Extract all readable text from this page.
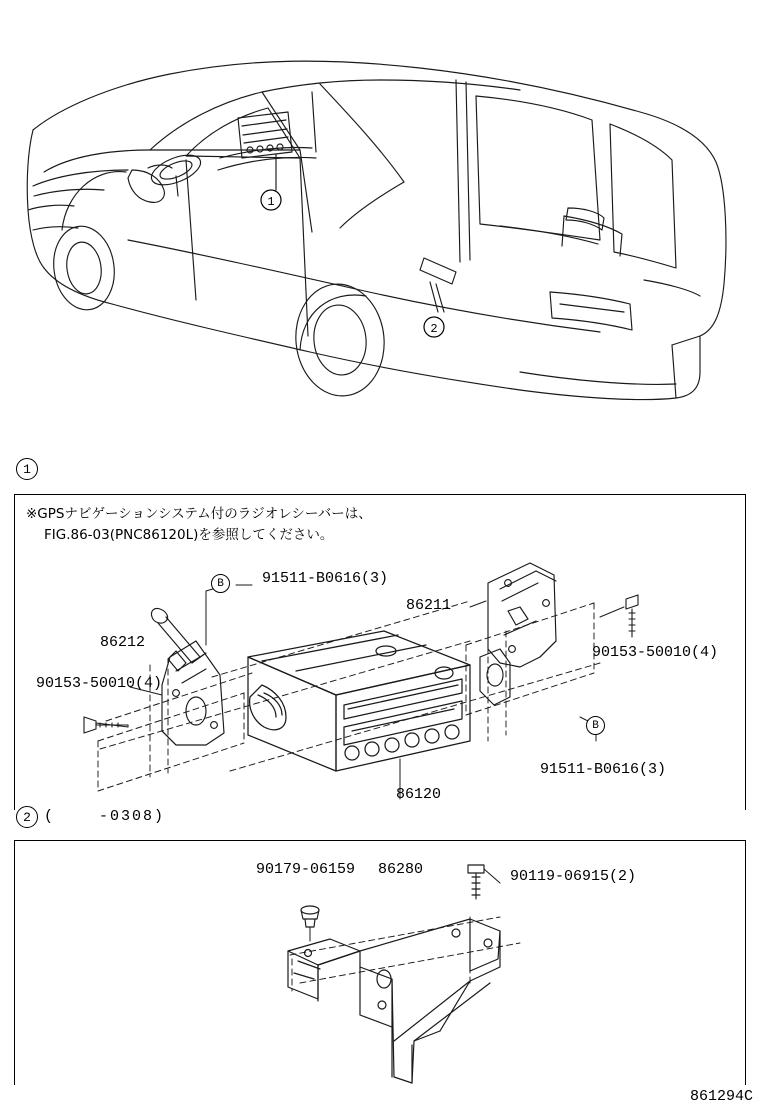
1
2
1
※GPSナビゲーションシステム付のラジオレシーバーは、
FIG.86-03(PNC86120L)を参照してください。
91511-B0616(3)
B
86211
90153-50010(4)
86212
90153-50010(4)
86120
91511-B0616(3)
B
2 (    -0308)
90179-06159 86280	90119-06915(2)
861294C
